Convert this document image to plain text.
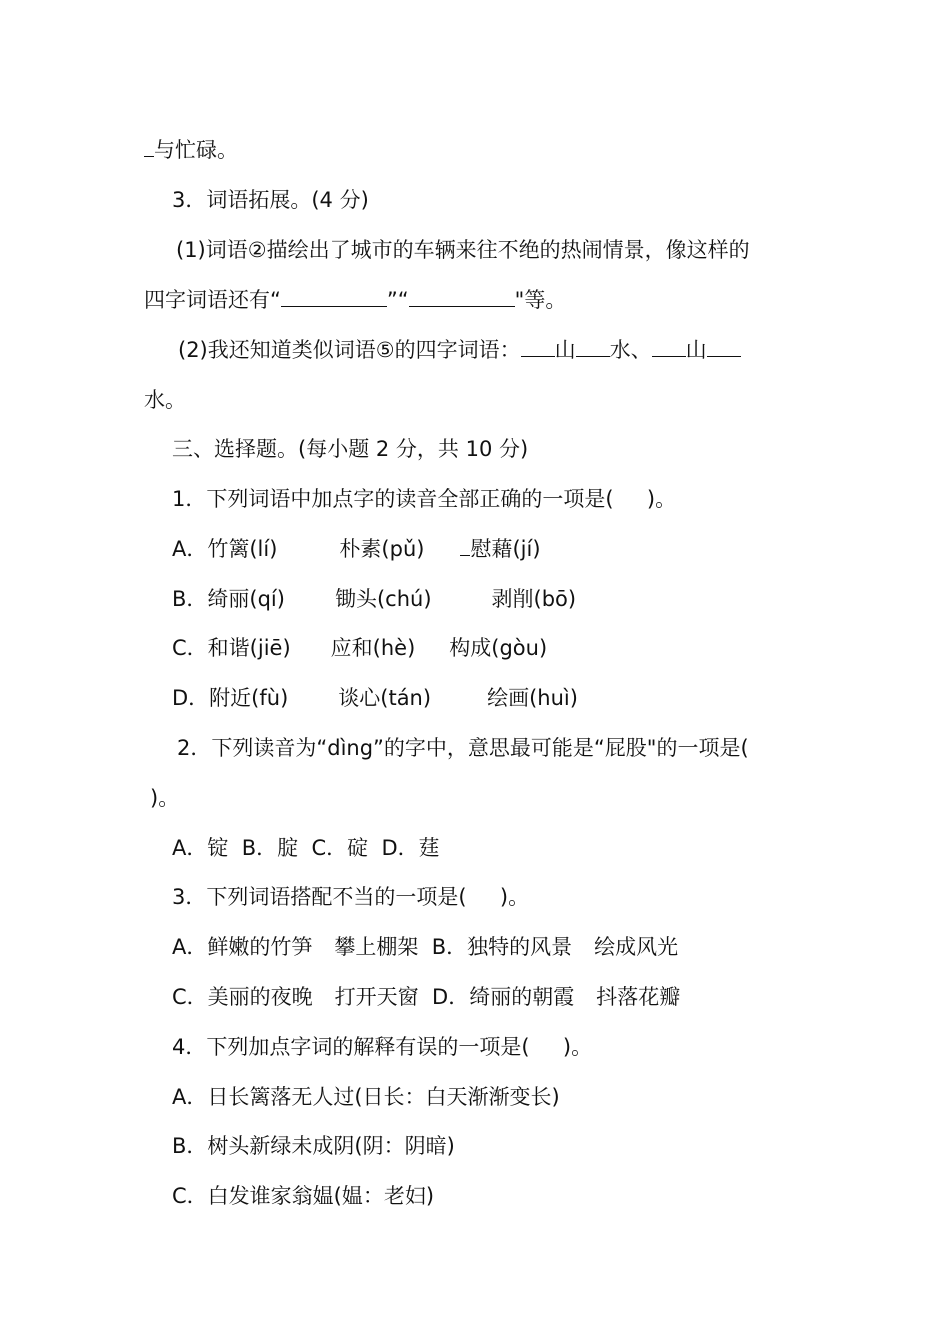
与忙碌。
3．词语拓展。(4 分)
(1)词语②描绘出了城市的车辆来往不绝的热闹情景，像这样的
四字词语还有“	”“	"等。
(2)我还知道类似词语⑤的四字词语： 山 水、 山
水。
三、选择题。(每小题 2 分，共 10 分)
1．下列词语中加点字的读音全部正确的一项是(     )。
A．竹篱(lí)	朴素(pǔ) 慰藉(jí)
B．绮丽(qí) 锄头(chú)	剥削(bō)
C．和谐(jiē) 应和(hè) 构成(gòu)
D．附近(fù) 谈心(tán)	绘画(huì)
2．下列读音为“dìng”的字中，意思最可能是“屁股"的一项是(
)。
A．锭  B．腚  C．碇  D．莛
3．下列词语搭配不当的一项是(     )。
A．鲜嫩的竹笋 攀上棚架  B．独特的风景 绘成风光
C．美丽的夜晚 打开天窗  D．绮丽的朝霞 抖落花瓣
4．下列加点字词的解释有误的一项是(     )。
A．日长篱落无人过(日长：白天渐渐变长)
B．树头新绿未成阴(阴：阴暗)
C．白发谁家翁媪(媪：老妇)
